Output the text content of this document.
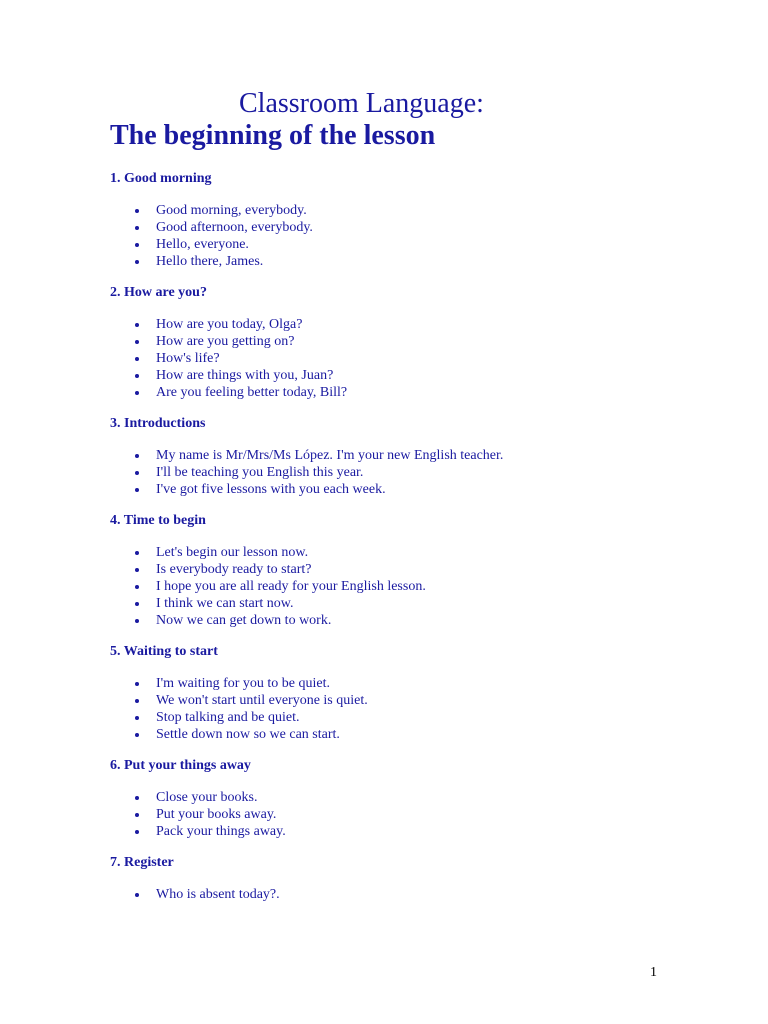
Classroom Language:
The beginning of the lesson
1. Good morning
Good morning, everybody.
Good afternoon, everybody.
Hello, everyone.
Hello there, James.
2. How are you?
How are you today, Olga?
How are you getting on?
How's life?
How are things with you, Juan?
Are you feeling better today, Bill?
3. Introductions
My name is Mr/Mrs/Ms López. I'm your new English teacher.
I'll be teaching you English this year.
I've got five lessons with you each week.
4. Time to begin
Let's begin our lesson now.
Is everybody ready to start?
I hope you are all ready for your English lesson.
I think we can start now.
Now we can get down to work.
5. Waiting to start
I'm waiting for you to be quiet.
We won't start until everyone is quiet.
Stop talking and be quiet.
Settle down now so we can start.
6. Put your things away
Close your books.
Put your books away.
Pack your things away.
7. Register
Who is absent today?.
1
